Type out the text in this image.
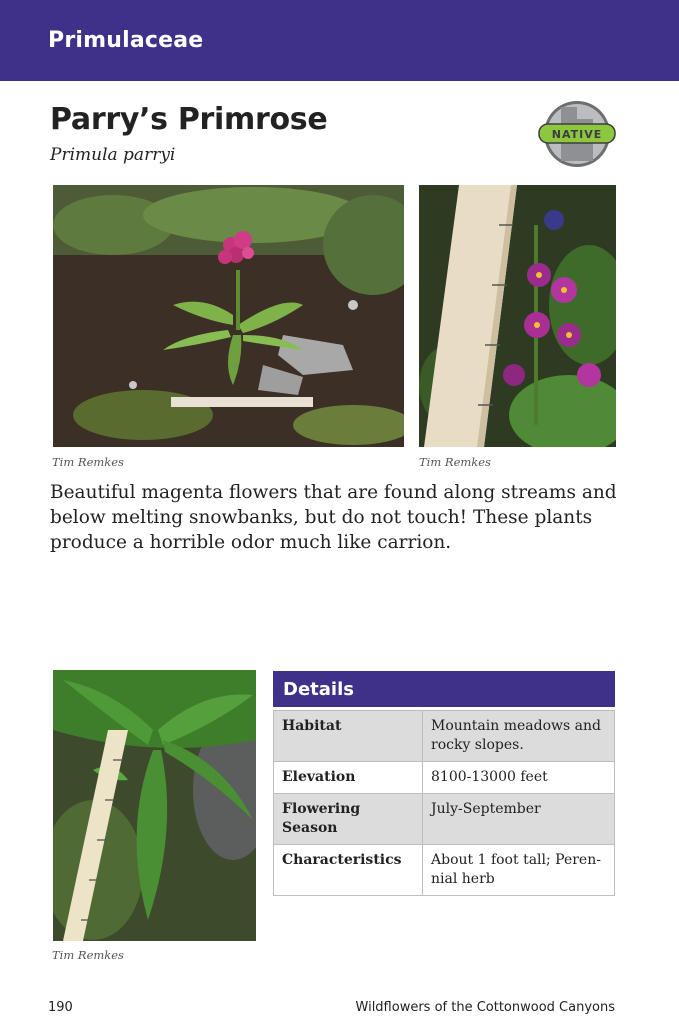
Primulaceae
Parry’s Primrose
Primula parryi
NATIVE
Tim Remkes	Tim Remkes
Beautiful magenta flowers that are found along streams and below melting snowbanks, but do not touch! These plants produce a horrible odor much like carrion.
Tim Remkes
Details
Habitat	Mountain meadows and rocky slopes.
Elevation	8100-13000 feet
Flowering Season	July-September
Characteristics	About 1 foot tall; Peren-nial herb
190	Wildflowers of the Cottonwood Canyons
